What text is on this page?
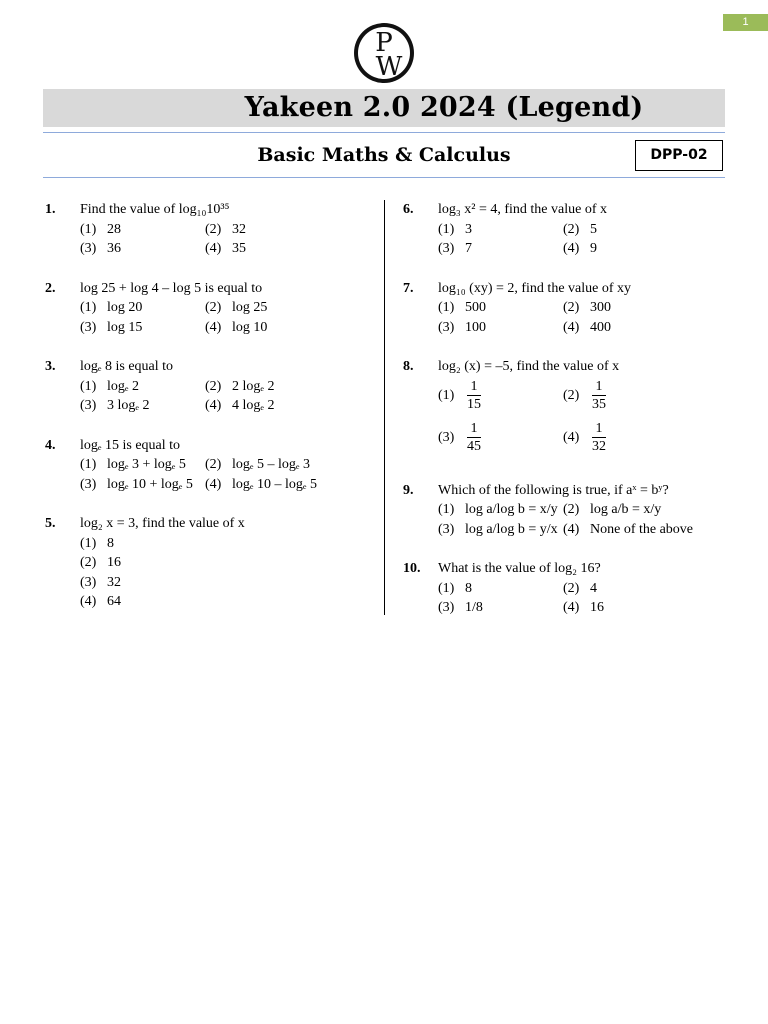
1
P
W
Yakeen 2.0 2024 (Legend)
Basic Maths & Calculus	DPP-02
1. Find the value of log₁₀10³⁵
(1) 28	(2) 32
(3) 36	(4) 35
2. log 25 + log 4 – log 5 is equal to
(1) log 20	(2) log 25
(3) log 15	(4) log 10
3. logₑ 8 is equal to
(1) logₑ 2	(2) 2 logₑ 2
(3) 3 logₑ 2	(4) 4 logₑ 2
4. logₑ 15 is equal to
(1) logₑ 3 + logₑ 5	(2) logₑ 5 – logₑ 3
(3) logₑ 10 + logₑ 5 (4) logₑ 10 – logₑ 5
5. log₂ x = 3, find the value of x
(1) 8
(2) 16
(3) 32
(4) 64
6. log₃ x² = 4, find the value of x
(1) 3	(2) 5
(3) 7	(4) 9
7. log₁₀ (xy) = 2, find the value of xy
(1) 500	(2) 300
(3) 100	(4) 400
8. log₂ (x) = –5, find the value of x
$(1) \frac{1}{15}$	$(2) \frac{1}{35}$
$(3) \frac{1}{45}$	$(4) \frac{1}{32}$
9. Which of the following is true, if aˣ = bʸ?
(1) log a/log b = x/y (2) log a/b = x/y
(3) log a/log b = y/x (4) None of the above
10. What is the value of log₂ 16?
(1) 8	(2) 4
(3) 1/8	(4) 16
